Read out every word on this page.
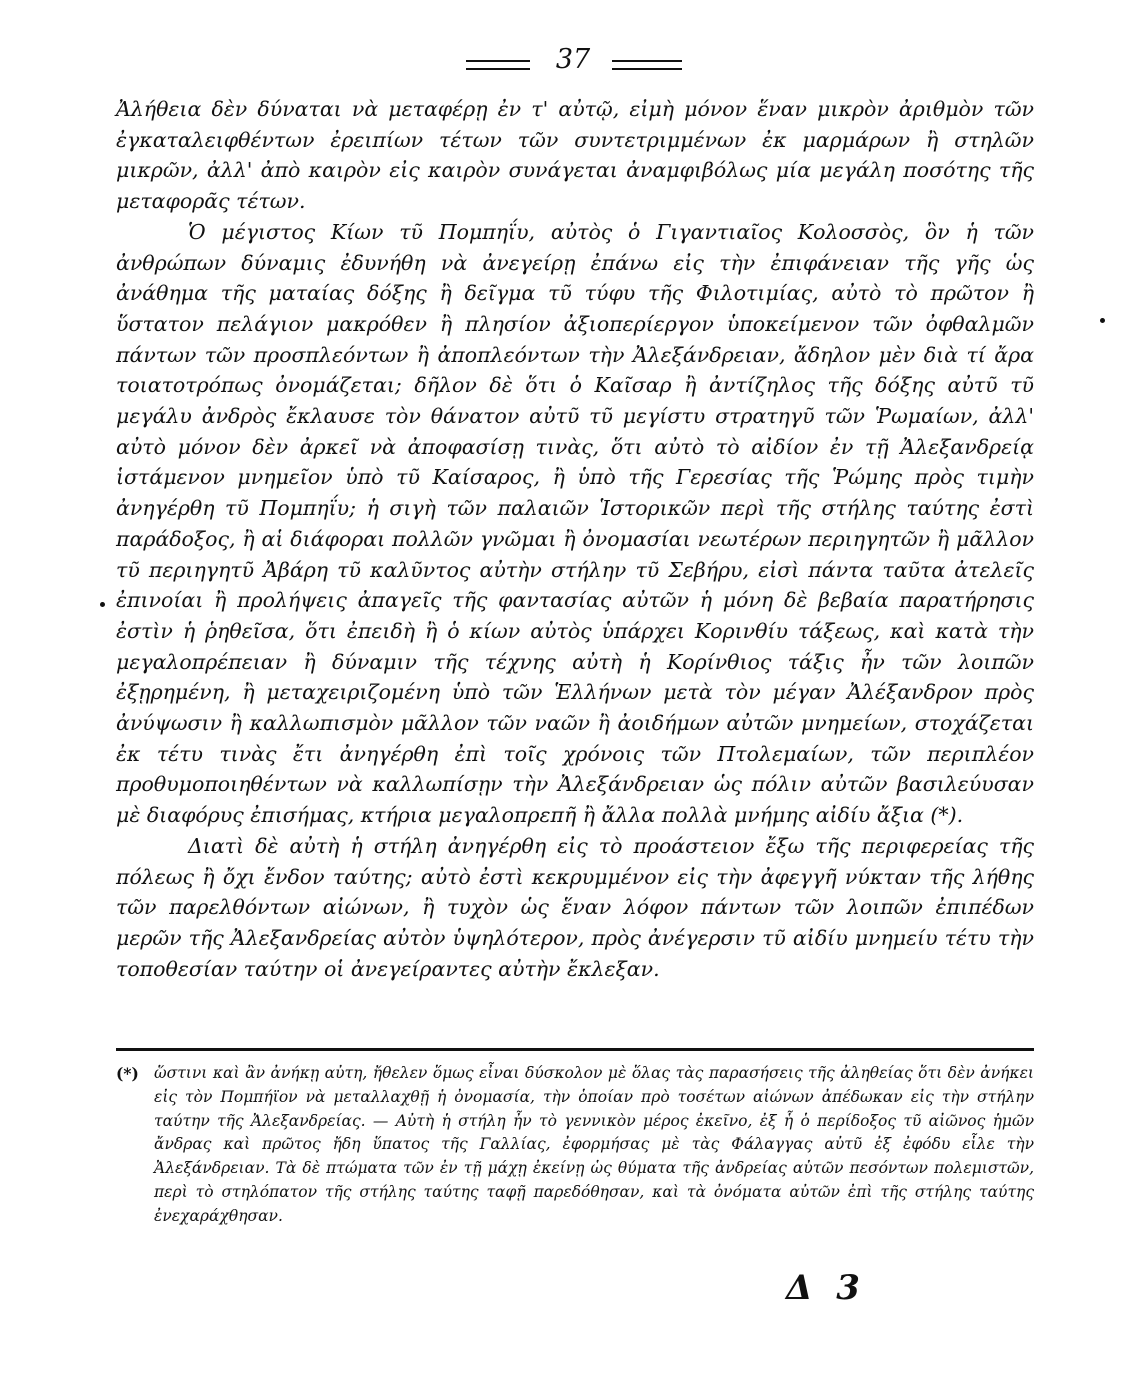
37

Ἀλήθεια δὲν δύναται νὰ μεταφέρῃ ἐν τ' αὐτῷ, εἰμὴ μόνον ἕναν μικρὸν ἀριθμὸν τῶν ἐγκαταλειφθέντων ἐρειπίων τέτων τῶν συντετριμμένων ἐκ μαρμάρων ἢ στηλῶν μικρῶν, ἀλλ' ἀπὸ καιρὸν εἰς καιρὸν συνάγεται ἀναμφιβόλως μία μεγάλη ποσότης τῆς μεταφορᾶς τέτων.

Ὁ μέγιστος Κίων τῦ Πομπηΐυ, αὐτὸς ὁ Γιγαντιαῖος Κολοσσὸς, ὃν ἡ τῶν ἀνθρώπων δύναμις ἐδυνήθη νὰ ἀνεγείρῃ ἐπάνω εἰς τὴν ἐπιφάνειαν τῆς γῆς ὡς ἀνάθημα τῆς ματαίας δόξης ἢ δεῖγμα τῦ τύφυ τῆς Φιλοτιμίας, αὐτὸ τὸ πρῶτον ἢ ὕστατον πελάγιον μακρόθεν ἢ πλησίον ἀξιοπερίεργον ὑποκείμενον τῶν ὀφθαλμῶν πάντων τῶν προσπλεόντων ἢ ἀποπλεόντων τὴν Ἀλεξάνδρειαν, ἄδηλον μὲν διὰ τί ἄρα τοιατοτρόπως ὀνομάζεται; δῆλον δὲ ὅτι ὁ Καῖσαρ ἢ ἀντίζηλος τῆς δόξης αὐτῦ τῦ μεγάλυ ἀνδρὸς ἔκλαυσε τὸν θάνατον αὐτῦ τῦ μεγίστυ στρατηγῦ τῶν Ῥωμαίων, ἀλλ' αὐτὸ μόνον δὲν ἀρκεῖ νὰ ἀποφασίσῃ τινὰς, ὅτι αὐτὸ τὸ αἰδίον ἐν τῇ Ἀλεξανδρείᾳ ἱστάμενον μνημεῖον ὑπὸ τῦ Καίσαρος, ἢ ὑπὸ τῆς Γερεσίας τῆς Ῥώμης πρὸς τιμὴν ἀνηγέρθη τῦ Πομπηΐυ; ἡ σιγὴ τῶν παλαιῶν Ἱστορικῶν περὶ τῆς στήλης ταύτης ἐστὶ παράδοξος, ἢ αἱ διάφοραι πολλῶν γνῶμαι ἢ ὀνομασίαι νεωτέρων περιηγητῶν ἢ μᾶλλον τῦ περιηγητῦ Ἀβάρη τῦ καλῦντος αὐτὴν στήλην τῦ Σεβήρυ, εἰσὶ πάντα ταῦτα ἀτελεῖς ἐπινοίαι ἢ προλήψεις ἀπαγεῖς τῆς φαντασίας αὐτῶν ἡ μόνη δὲ βεβαία παρατήρησις ἐστὶν ἡ ῥηθεῖσα, ὅτι ἐπειδὴ ἢ ὁ κίων αὐτὸς ὑπάρχει Κορινθίυ τάξεως, καὶ κατὰ τὴν μεγαλοπρέπειαν ἢ δύναμιν τῆς τέχνης αὐτὴ ἡ Κορίνθιος τάξις ἦν τῶν λοιπῶν ἐξῃρημένη, ἢ μεταχειριζομένη ὑπὸ τῶν Ἑλλήνων μετὰ τὸν μέγαν Ἀλέξανδρον πρὸς ἀνύψωσιν ἢ καλλωπισμὸν μᾶλλον τῶν ναῶν ἢ ἀοιδήμων αὐτῶν μνημείων, στοχάζεται ἐκ τέτυ τινὰς ἔτι ἀνηγέρθη ἐπὶ τοῖς χρόνοις τῶν Πτολεμαίων, τῶν περιπλέον προθυμοποιηθέντων νὰ καλλωπίσῃν τὴν Ἀλεξάνδρειαν ὡς πόλιν αὐτῶν βασιλεύυσαν μὲ διαφόρυς ἐπισήμας, κτήρια μεγαλοπρεπῆ ἢ ἄλλα πολλὰ μνήμης αἰδίυ ἄξια (*).

Διατὶ δὲ αὐτὴ ἡ στήλη ἀνηγέρθη εἰς τὸ προάστειον ἔξω τῆς περιφερείας τῆς πόλεως ἢ ὄχι ἔνδον ταύτης; αὐτὸ ἐστὶ κεκρυμμένον εἰς τὴν ἀφεγγῆ νύκταν τῆς λήθης τῶν παρελθόντων αἰώνων, ἢ τυχὸν ὡς ἕναν λόφον πάντων τῶν λοιπῶν ἐπιπέδων μερῶν τῆς Ἀλεξανδρείας αὐτὸν ὑψηλότερον, πρὸς ἀνέγερσιν τῦ αἰδίυ μνημείυ τέτυ τὴν τοποθεσίαν ταύτην οἱ ἀνεγείραντες αὐτὴν ἔκλεξαν.

(*) ὥστινι καὶ ἂν ἀνήκῃ αὐτη, ἤθελεν ὅμως εἶναι δύσκολον μὲ ὅλας τὰς παρασήσεις τῆς ἀληθείας ὅτι δὲν ἀνήκει εἰς τὸν Πομπήϊον νὰ μεταλλαχθῇ ἡ ὀνομασία, τὴν ὁποίαν πρὸ τοσέτων αἰώνων ἀπέδωκαν εἰς τὴν στήλην ταύτην τῆς Ἀλεξανδρείας. — Αὐτὴ ἡ στήλη ἦν τὸ γεννικὸν μέρος ἐκεῖνο, ἐξ ἧ ὁ περίδοξος τῦ αἰῶνος ἡμῶν ἄνδρας καὶ πρῶτος ἤδη ὕπατος τῆς Γαλλίας, ἐφορμήσας μὲ τὰς Φάλαγγας αὐτῦ ἐξ ἐφόδυ εἷλε τὴν Ἀλεξάνδρειαν. Τὰ δὲ πτώματα τῶν ἐν τῇ μάχῃ ἐκείνῃ ὡς θύματα τῆς ἀνδρείας αὐτῶν πεσόντων πολεμιστῶν, περὶ τὸ στηλόπατον τῆς στήλης ταύτης ταφῇ παρεδόθησαν, καὶ τὰ ὀνόματα αὐτῶν ἐπὶ τῆς στήλης ταύτης ἐνεχαράχθησαν.

Δ 3
